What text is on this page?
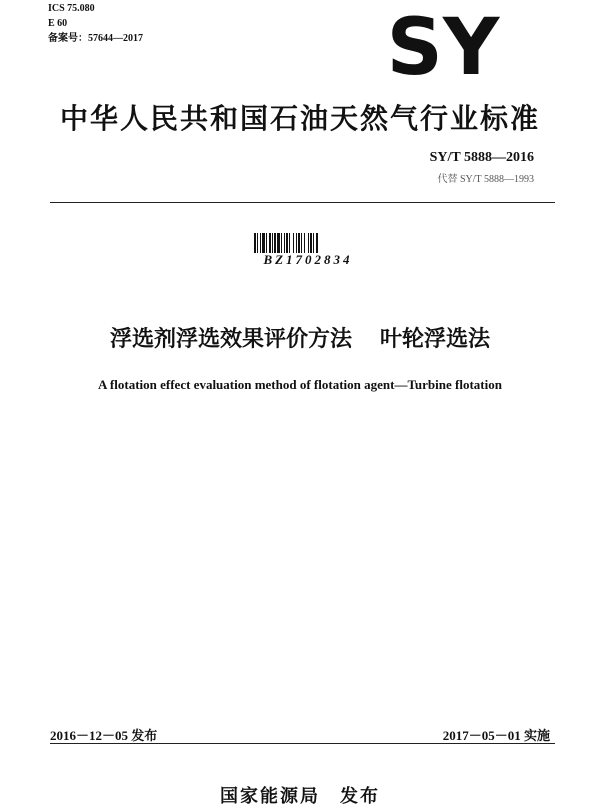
ICS 75.080
E 60
备案号：57644—2017	SY
中华人民共和国石油天然气行业标准
SY/T 5888—2016
代替 SY/T 5888—1993
BZ1702834
浮选剂浮选效果评价方法 叶轮浮选法
A flotation effect evaluation method of flotation agent—Turbine flotation
2016－12－05 发布	2017－05－01 实施
国家能源局　发布
